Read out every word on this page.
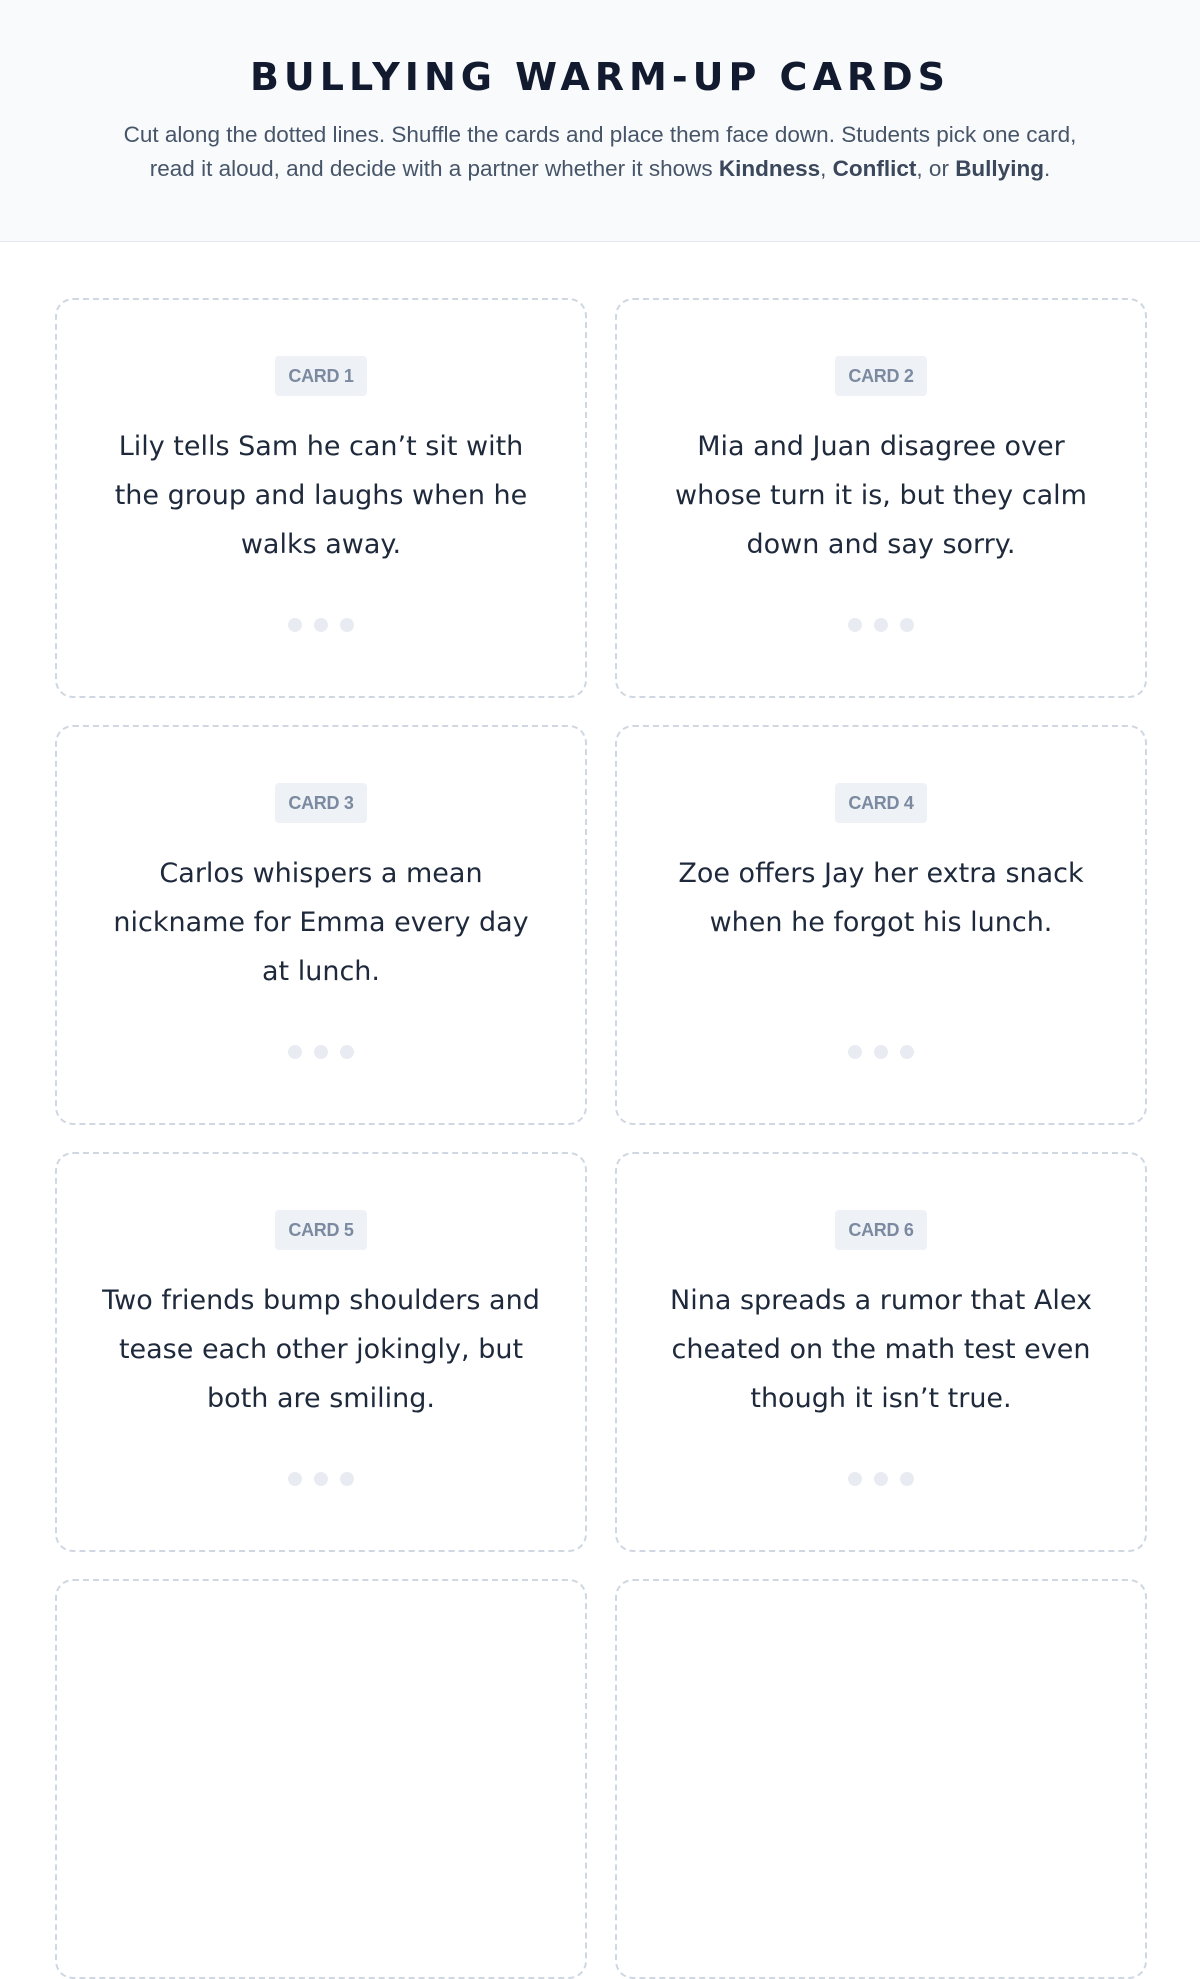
BULLYING WARM-UP CARDS

Cut along the dotted lines. Shuffle the cards and place them face down. Students pick one card,
read it aloud, and decide with a partner whether it shows Kindness, Conflict, or Bullying.

CARD 1

Lily tells Sam he can’t sit with the group and laughs when he walks away.

CARD 2

Mia and Juan disagree over whose turn it is, but they calm down and say sorry.

CARD 3

Carlos whispers a mean nickname for Emma every day at lunch.

CARD 4

Zoe offers Jay her extra snack when he forgot his lunch.

CARD 5

Two friends bump shoulders and tease each other jokingly, but both are smiling.

CARD 6

Nina spreads a rumor that Alex cheated on the math test even though it isn’t true.
